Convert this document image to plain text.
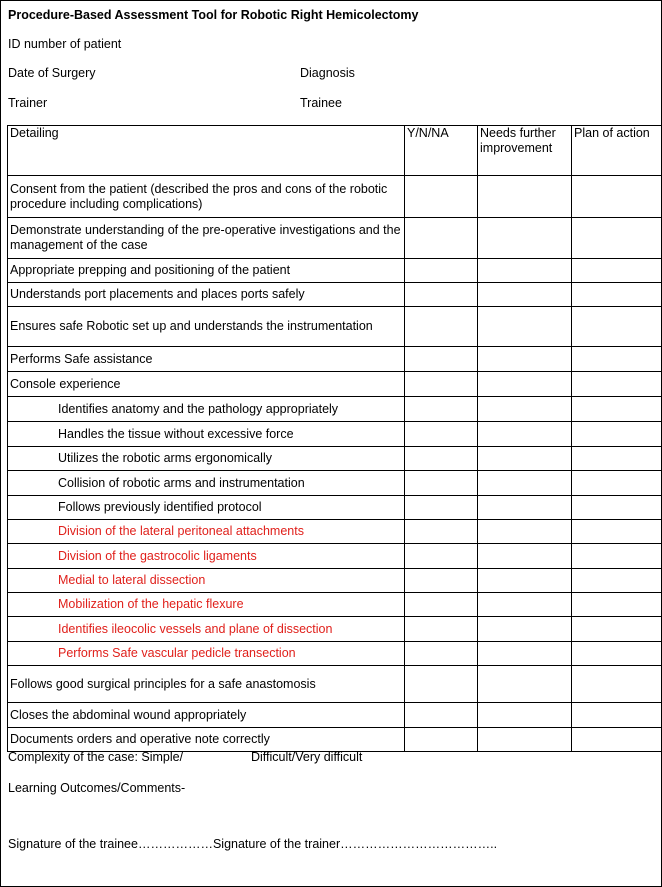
Procedure-Based Assessment Tool for Robotic Right Hemicolectomy
ID number of patient
Date of Surgery	Diagnosis
Trainer	Trainee
Detailing	Y/N/NA	Needs further improvement	Plan of action
Consent from the patient (described the pros and cons of the robotic procedure including complications)			
Demonstrate understanding of the pre-operative investigations and the management of the case			
Appropriate prepping and positioning of the patient			
Understands port placements and places ports safely			
Ensures safe Robotic set up and understands the instrumentation			
Performs Safe assistance			
Console experience			
Identifies anatomy and the pathology appropriately			
Handles the tissue without excessive force			
Utilizes the robotic arms ergonomically			
Collision of robotic arms and instrumentation			
Follows previously identified protocol			
Division of the lateral peritoneal attachments			
Division of the gastrocolic ligaments			
Medial to lateral dissection			
Mobilization of the hepatic flexure			
Identifies ileocolic vessels and plane of dissection			
Performs Safe vascular pedicle transection			
Follows good surgical principles for a safe anastomosis			
Closes the abdominal wound appropriately			
Documents orders and operative note correctly			
Complexity of the case: Simple/	Difficult/Very difficult
Learning Outcomes/Comments-
Signature of the trainee………………Signature of the trainer………………………………..
